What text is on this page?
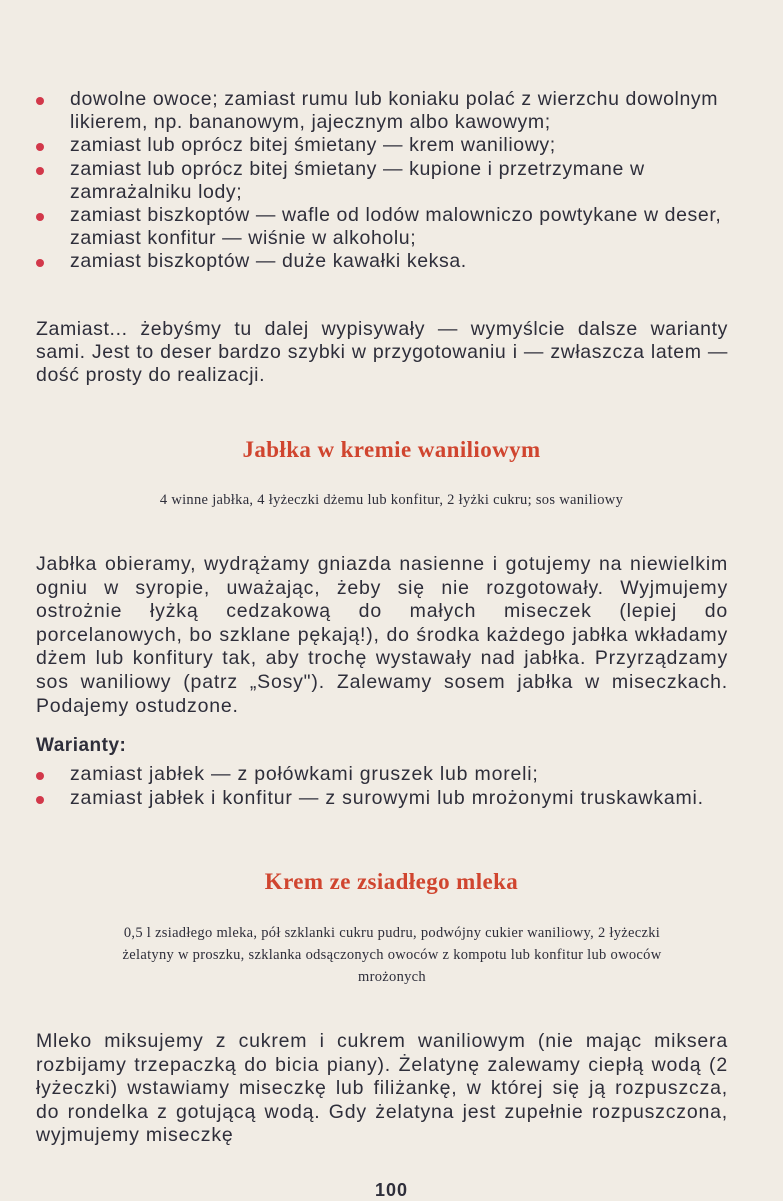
dowolne owoce; zamiast rumu lub koniaku polać z wierzchu dowolnym likierem, np. bananowym, jajecznym albo kawowym;
zamiast lub oprócz bitej śmietany — krem waniliowy;
zamiast lub oprócz bitej śmietany — kupione i przetrzymane w zamrażalniku lody;
zamiast biszkoptów — wafle od lodów malowniczo powtykane w deser, zamiast konfitur — wiśnie w alkoholu;
zamiast biszkoptów — duże kawałki keksa.

Zamiast... żebyśmy tu dalej wypisywały — wymyślcie dalsze warianty sami. Jest to deser bardzo szybki w przygotowaniu i — zwłaszcza latem — dość prosty do realizacji.

Jabłka w kremie waniliowym

4 winne jabłka, 4 łyżeczki dżemu lub konfitur, 2 łyżki cukru; sos waniliowy

Jabłka obieramy, wydrążamy gniazda nasienne i gotujemy na niewielkim ogniu w syropie, uważając, żeby się nie rozgotowały. Wyjmujemy ostrożnie łyżką cedzakową do małych miseczek (lepiej do porcelanowych, bo szklane pękają!), do środka każdego jabłka wkładamy dżem lub konfitury tak, aby trochę wystawały nad jabłka. Przyrządzamy sos waniliowy (patrz „Sosy"). Zalewamy sosem jabłka w miseczkach. Podajemy ostudzone.

Warianty:

zamiast jabłek — z połówkami gruszek lub moreli;
zamiast jabłek i konfitur — z surowymi lub mrożonymi truskawkami.
Krem ze zsiadłego mleka

0,5 l zsiadłego mleka, pół szklanki cukru pudru, podwójny cukier waniliowy, 2 łyżeczki żelatyny w proszku, szklanka odsączonych owoców z kompotu lub konfitur lub owoców mrożonych

Mleko miksujemy z cukrem i cukrem waniliowym (nie mając miksera rozbijamy trzepaczką do bicia piany). Żelatynę zalewamy ciepłą wodą (2 łyżeczki) wstawiamy miseczkę lub filiżankę, w której się ją rozpuszcza, do rondelka z gotującą wodą. Gdy żelatyna jest zupełnie rozpuszczona, wyjmujemy miseczkę

100
